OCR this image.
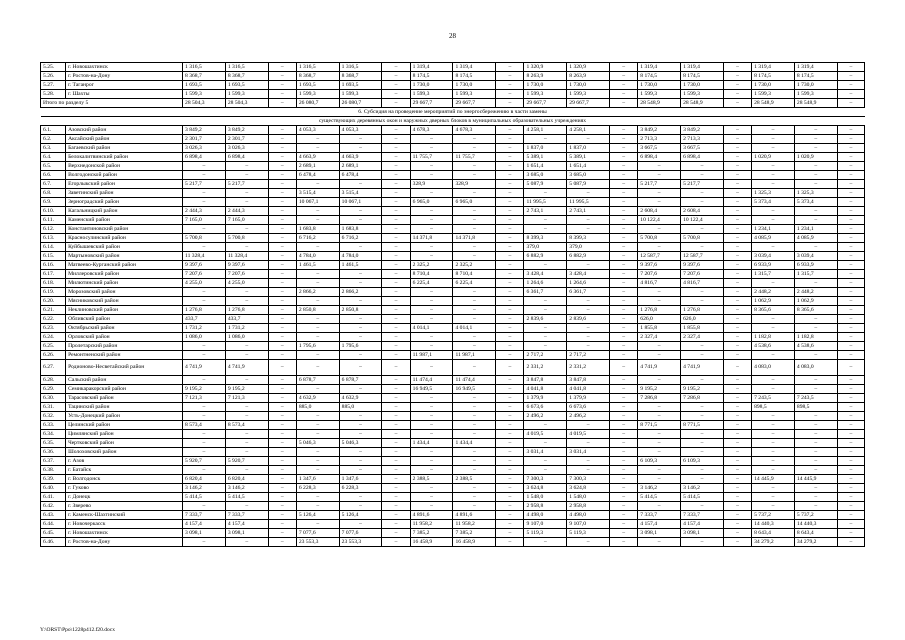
28
5.25.	г. Новошахтинск	1 316,5	1 316,5	–	1 316,5	1 316,5	–	1 319,4	1 319,4	–	1 320,9	1 320,9	–	1 319,4	1 319,4	–	1 319,4	1 319,4	–
5.26.	г. Ростов-на-Дону	8 368,7	8 368,7	–	8 368,7	8 368,7	–	8 174,5	8 174,5	–	8 263,9	8 263,9	–	8 174,5	8 174,5	–	8 174,5	8 174,5	–
5.27.	г. Таганрог	1 693,5	1 693,5	–	1 693,5	1 693,5	–	1 730,0	1 730,0	–	1 730,0	1 730,0	–	1 730,0	1 730,0	–	1 730,0	1 730,0	–
5.28.	г. Шахты	1 599,3	1 599,3	–	1 599,3	1 599,3	–	1 599,3	1 599,3	–	1 599,3	1 599,3	–	1 599,3	1 599,3	–	1 599,3	1 599,3	–
Итого по разделу 5		28 504,3	28 504,3	–	26 080,7	26 080,7	–	29 667,7	29 667,7	–	29 667,7	29 667,7	–	28 548,9	28 548,9	–	28 548,9	28 548,9	–
6. Субсидия на проведение мероприятий по энергосбережению в части замены																			
существующих деревянных окон и наружных дверных блоков в муниципальных образовательных учреждениях																			
6.1.	Азовский район	3 849,2	3 849,2	–	4 053,3	4 053,3	–	4 678,3	4 678,3	–	4 258,1	4 258,1	–	3 849,2	3 849,2	–	–	–	–
6.2.	Аксайский район	2 301,7	2 301,7	–	–	–	–	–	–	–	–	–	–	2 713,3	2 713,3	–	–	–	–
6.3.	Багаевский район	3 026,3	3 026,3	–	–	–	–	–	–	–	1 837,0	1 837,0	–	3 667,5	3 667,5	–	–	–	–
6.4.	Белокалитвинский район	6 898,4	6 898,4	–	4 663,9	4 663,9	–	11 755,7	11 755,7	–	5 389,1	5 389,1	–	6 898,4	6 898,4	–	1 020,9	1 020,9	–
6.5.	Верхнедонской район	–	–	–	2 689,1	2 689,1	–	–	–	–	1 651,4	1 651,4	–	–	–	–	–	–	–
6.6.	Волгодонской район	–	–	–	6 478,4	6 478,4	–	–	–	–	3 685,0	3 685,0	–	–	–	–	–	–	–
6.7.	Егорлыкский район	5 217,7	5 217,7	–	–	–	–	328,9	328,9	–	5 087,9	5 087,9	–	5 217,7	5 217,7	–	–	–	–
6.8.	Заветинский район	–	–	–	3 515,4	3 515,4	–	–	–	–	–	–	–	–	–	–	1 325,3	1 325,3	–
6.9.	Зерноградский район	–	–	–	10 067,1	10 067,1	–	6 965,0	6 965,0	–	11 995,5	11 995,5	–	–	–	–	5 373,4	5 373,4	–
6.10.	Кагальницкий район	2 444,3	2 444,3	–	–	–	–	–	–	–	2 743,1	2 743,1	–	2 608,4	2 608,4	–	–	–	–
6.11.	Каменский район	7 165,0	7 165,0	–	–	–	–	–	–	–	–	–	–	10 122,4	10 122,4	–	–	–	–
6.12.	Константиновский район	–	–	–	1 683,8	1 683,8	–	–	–	–	–	–	–	–	–	–	1 234,1	1 234,1	–
6.13.	Красносулинский район	5 700,8	5 700,8	–	6 716,2	6 716,2	–	14 371,8	14 371,8	–	8 399,3	8 399,3	–	5 700,8	5 700,8	–	4 085,9	4 085,9	–
6.14.	Куйбышевский район	–	–	–	–	–	–	–	–	–	379,0	379,0	–	–	–	–	–	–	–
6.15.	Мартыновский район	11 328,4	11 328,4	–	4 784,0	4 784,0	–	–	–	–	6 882,9	6 882,9	–	12 587,7	12 587,7	–	3 039,4	3 039,4	–
6.16.	Матвеево-Курганский район	9 397,6	9 397,6	–	1 461,5	1 461,5	–	2 325,2	2 325,2	–	–	–	–	9 397,6	9 397,6	–	6 933,9	6 933,9	–
6.17.	Миллеровский район	7 207,6	7 207,6	–	–	–	–	8 710,4	8 710,4	–	3 428,4	3 428,4	–	7 207,6	7 207,6	–	1 315,7	1 315,7	–
6.18.	Милютинский район	4 255,0	4 255,0	–	–	–	–	6 225,4	6 225,4	–	1 264,6	1 264,6	–	4 816,7	4 816,7	–	–	–	–
6.19.	Морозовский район	–	–	–	2 866,2	2 866,2	–	–	–	–	6 361,7	6 361,7	–	–	–	–	2 448,2	2 448,2	–
6.20.	Мясниковский район	–	–	–	–	–	–	–	–	–	–	–	–	–	–	–	1 062,9	1 062,9	–
6.21.	Неклиновский район	1 276,8	1 276,8	–	2 850,8	2 850,8	–	–	–	–	–	–	–	1 276,8	1 276,8	–	8 365,6	8 365,6	–
6.22.	Обливский район	433,7	433,7	–	–	–	–	–	–	–	2 839,6	2 839,6	–	626,0	626,0	–	–	–	–
6.23.	Октябрьский район	1 731,2	1 731,2	–	–	–	–	4 014,1	4 014,1	–	–	–	–	1 855,8	1 855,8	–	–	–	–
6.24.	Орловский район	1 086,0	1 086,0	–	–	–	–	–	–	–	–	–	–	2 327,4	2 327,4	–	1 182,8	1 182,8	–
6.25.	Пролетарский район	–	–	–	1 795,6	1 795,6	–	–	–	–	–	–	–	–	–	–	4 538,6	4 538,6	–
6.26.	Ремонтненский район	–	–	–	–	–	–	11 987,1	11 987,1	–	2 717,2	2 717,2	–	–	–	–	–	–	–
6.27.	Родионово-Несветайский район	4 741,9	4 741,9	–	–	–	–	–	–	–	2 331,2	2 331,2	–	4 741,9	4 741,9	–	4 083,0	4 083,0	–
6.28.	Сальский район	–	–	–	6 878,7	6 878,7	–	11 474,4	11 474,4	–	3 847,8	3 847,8	–	–	–	–	–	–	–
6.29.	Семикаракорский район	9 195,2	9 195,2	–	–	–	–	16 949,5	16 949,5	–	4 041,8	4 041,8	–	9 195,2	9 195,2	–	–	–	–
6.30.	Тарасовский район	7 121,3	7 121,3	–	4 632,9	4 632,9	–	–	–	–	1 379,9	1 379,9	–	7 286,8	7 286,8	–	7 243,5	7 243,5	–
6.31.	Тацинский район	–	–	–	885,0	885,0	–	–	–	–	6 673,6	6 673,6	–	–	–	–	898,5	898,5	–
6.32.	Усть-Донецкий район	–	–	–	–	–	–	–	–	–	2 496,2	2 496,2	–	–	–	–	–	–	–
6.33.	Целинский район	8 573,4	8 573,4	–	–	–	–	–	–	–	–	–	–	8 771,5	8 771,5	–	–	–	–
6.34.	Цимлянский район	–	–	–	–	–	–	–	–	–	4 019,5	4 019,5	–	–	–	–	–	–	–
6.35.	Чертковский район	–	–	–	5 046,3	5 046,3	–	1 434,4	1 434,4	–	–	–	–	–	–	–	–	–	–
6.36.	Шолоховский район	–	–	–	–	–	–	–	–	–	3 031,4	3 031,4	–	–	–	–	–	–	–
6.37.	г. Азов	5 920,7	5 920,7	–	–	–	–	–	–	–	–	–	–	6 109,3	6 109,3	–	–	–	–
6.38.	г. Батайск	–	–	–	–	–	–	–	–	–	–	–	–	–	–	–	–	–	–
6.39.	г. Волгодонск	6 820,4	6 820,4	–	1 347,6	1 347,6	–	2 388,5	2 388,5	–	7 300,3	7 300,3	–	–	–	–	14 445,9	14 445,9	–
6.40.	г. Гуково	3 146,2	3 146,2	–	6 228,3	6 228,3	–	–	–	–	3 624,8	3 624,8	–	3 146,2	3 146,2	–	–	–	–
6.41.	г. Донецк	5 414,5	5 414,5	–	–	–	–	–	–	–	1 548,0	1 548,0	–	5 414,5	5 414,5	–	–	–	–
6.42.	г. Зверево	–	–	–	–	–	–	–	–	–	2 958,8	2 958,8	–	–	–	–	–	–	–
6.43.	г. Каменск-Шахтинский	7 333,7	7 333,7	–	5 126,4	5 126,4	–	4 891,6	4 891,6	–	4 498,0	4 498,0	–	7 333,7	7 333,7	–	5 737,2	5 737,2	–
6.44.	г. Новочеркасск	4 157,4	4 157,4	–	–	–	–	11 958,2	11 958,2	–	9 107,0	9 107,0	–	4 157,4	4 157,4	–	14 440,3	14 440,3	–
6.45.	г. Новошахтинск	3 098,1	3 098,1	–	7 077,6	7 077,6	–	7 385,2	7 385,2	–	5 119,3	5 119,3	–	3 098,1	3 098,1	–	8 643,4	8 643,4	–
6.46.	г. Ростов-на-Дону	–	–	–	23 553,3	23 553,3	–	16 458,9	16 458,9	–	–	–	–	–	–	–	34 279,2	34 279,2	–
Y:\ORST\Ppo\1228p412.f20.docx
